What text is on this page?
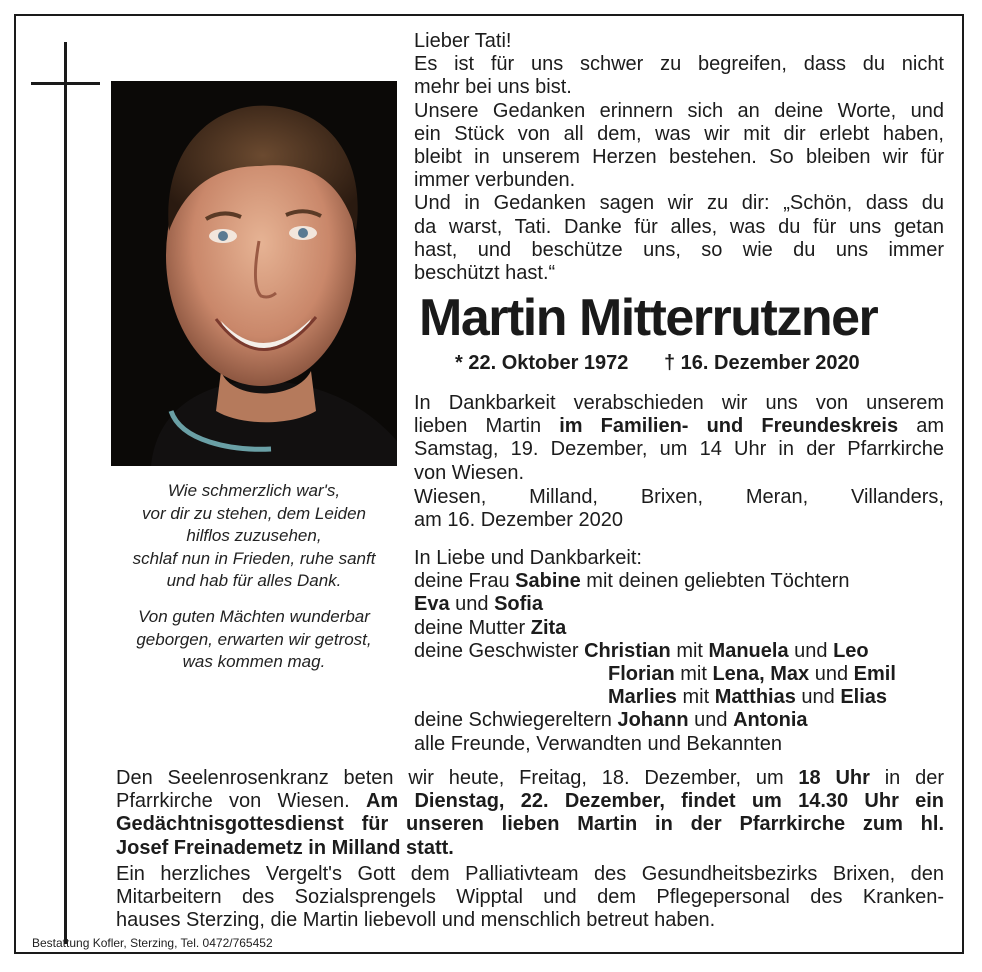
Wie schmerzlich war's,
vor dir zu stehen, dem Leiden
hilflos zuzusehen,
schlaf nun in Frieden, ruhe sanft
und hab für alles Dank.
Von guten Mächten wunderbar
geborgen, erwarten wir getrost,
was kommen mag.
Lieber Tati!
Es ist für uns schwer zu begreifen, dass du nicht
mehr bei uns bist.
Unsere Gedanken erinnern sich an deine Worte, und
ein Stück von all dem, was wir mit dir erlebt haben,
bleibt in unserem Herzen bestehen. So bleiben wir für
immer verbunden.
Und in Gedanken sagen wir zu dir: „Schön, dass du
da warst, Tati. Danke für alles, was du für uns getan
hast, und beschütze uns, so wie du uns immer
beschützt hast.“
Martin Mitterrutzner
* 22. Oktober 1972 † 16. Dezember 2020
In Dankbarkeit verabschieden wir uns von unserem
lieben Martin im Familien- und Freundeskreis am
Samstag, 19. Dezember, um 14 Uhr in der Pfarrkirche
von Wiesen.
Wiesen, Milland, Brixen, Meran, Villanders,
am 16. Dezember 2020
In Liebe und Dankbarkeit:
deine Frau Sabine mit deinen geliebten Töchtern
Eva und Sofia
deine Mutter Zita
deine Geschwister Christian mit Manuela und Leo
Florian mit Lena, Max und Emil
Marlies mit Matthias und Elias
deine Schwiegereltern Johann und Antonia
alle Freunde, Verwandten und Bekannten
Den Seelenrosenkranz beten wir heute, Freitag, 18. Dezember, um 18 Uhr in der
Pfarrkirche von Wiesen. Am Dienstag, 22. Dezember, findet um 14.30 Uhr ein
Gedächtnisgottesdienst für unseren lieben Martin in der Pfarrkirche zum hl.
Josef Freinademetz in Milland statt.
Ein herzliches Vergelt's Gott dem Palliativteam des Gesundheitsbezirks Brixen, den
Mitarbeitern des Sozialsprengels Wipptal und dem Pflegepersonal des Kranken-
hauses Sterzing, die Martin liebevoll und menschlich betreut haben.
Bestattung Kofler, Sterzing, Tel. 0472/765452
